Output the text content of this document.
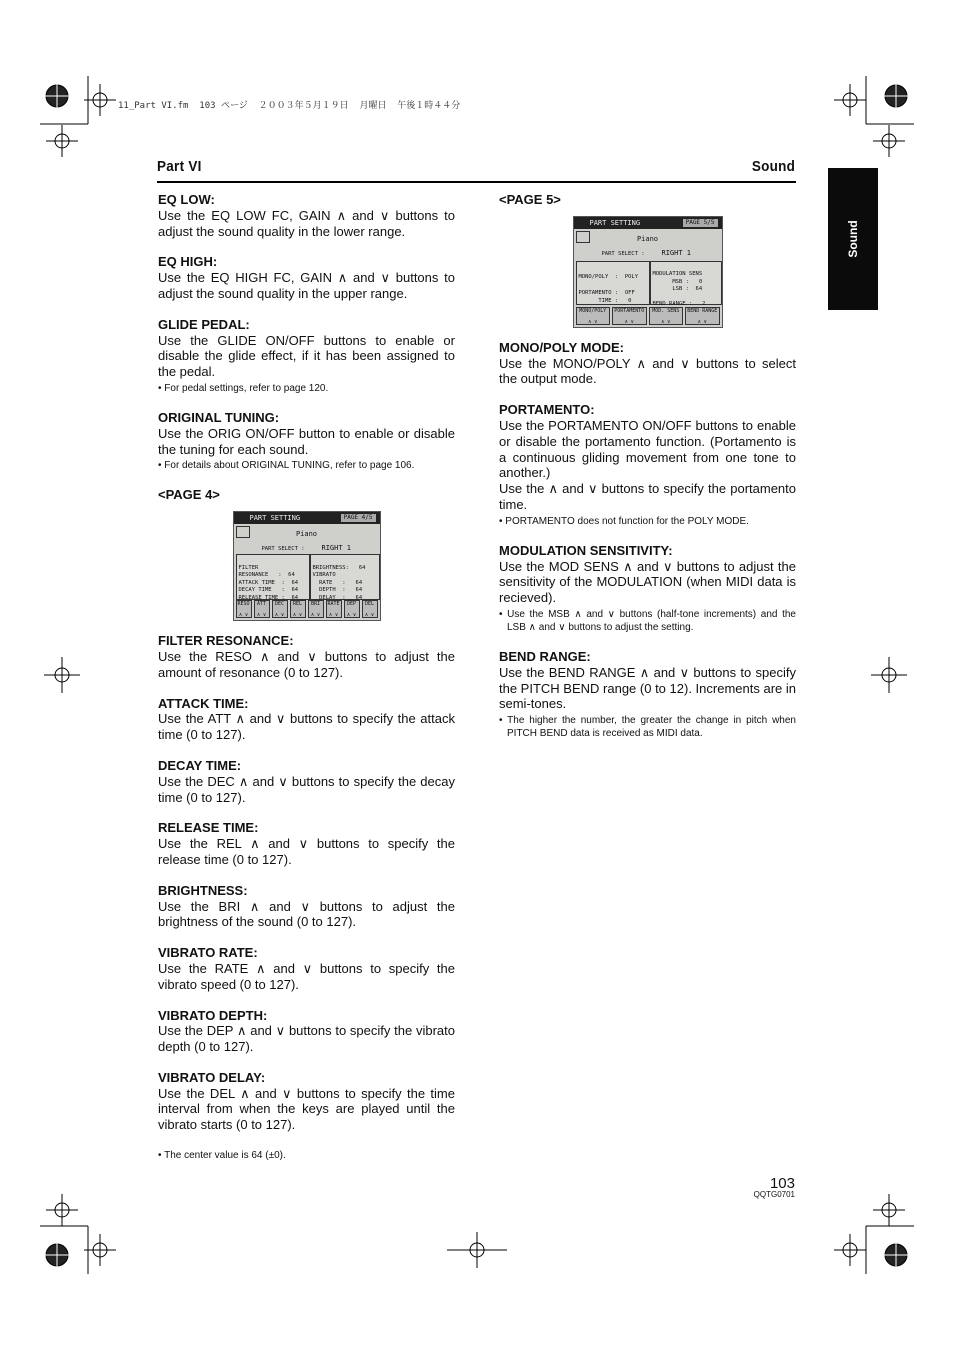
11_Part VI.fm  103 ページ  ２００３年５月１９日  月曜日  午後１時４４分
Part VI	Sound
Sound

EQ LOW:

Use the EQ LOW FC, GAIN ∧ and ∨ buttons to adjust the sound quality in the lower range.

EQ HIGH:

Use the EQ HIGH FC, GAIN ∧ and ∨ buttons to adjust the sound quality in the upper range.

GLIDE PEDAL:

Use the GLIDE ON/OFF buttons to enable or disable the glide effect, if it has been assigned to the pedal.

• For pedal settings, refer to page 120.

ORIGINAL TUNING:

Use the ORIG ON/OFF button to enable or disable the tuning for each sound.

• For details about ORIGINAL TUNING, refer to page 106.

<PAGE 4>

PART SETTING	PAGE 4/5
Piano
PART SELECT : RIGHT 1

FILTER
RESONANCE   :  64
ATTACK TIME  :  64
DECAY TIME   :  64
RELEASE TIME :  64

BRIGHTNESS:   64
VIBRATO
RATE   :   64
DEPTH  :   64
DELAY  :   64
RESO
∧ ∨
ATT
∧ ∨
DEC
∧ ∨
REL
∧ ∨
BRI
∧ ∨
RATE
∧ ∨
DEP
∧ ∨
DEL
∧ ∨

FILTER RESONANCE:

Use the RESO ∧ and ∨ buttons to adjust the amount of resonance (0 to 127).

ATTACK TIME:

Use the ATT ∧ and ∨ buttons to specify the attack time (0 to 127).

DECAY TIME:

Use the DEC ∧ and ∨ buttons to specify the decay time (0 to 127).

RELEASE TIME:

Use the REL ∧ and ∨ buttons to specify the release time (0 to 127).

BRIGHTNESS:

Use the BRI ∧ and ∨ buttons to adjust the brightness of the sound (0 to 127).

VIBRATO RATE:

Use the RATE ∧ and ∨ buttons to specify the vibrato speed (0 to 127).

VIBRATO DEPTH:

Use the DEP ∧ and ∨ buttons to specify the vibrato depth (0 to 127).

VIBRATO DELAY:

Use the DEL ∧ and ∨ buttons to specify the time interval from when the keys are played until the vibrato starts (0 to 127).

• The center value is 64 (±0).

<PAGE 5>

PART SETTING	PAGE 5/5
Piano
PART SELECT : RIGHT 1

MONO/POLY  :  POLY

PORTAMENTO :  OFF
TIME :   0

MODULATION SENS
MSB :   0
LSB :  64

BEND RANGE :   2
MONO/POLY
∧ ∨
PORTAMENTO
∧ ∨
MOD. SENS
∧ ∨
BEND RANGE
∧ ∨

MONO/POLY MODE:

Use the MONO/POLY ∧ and ∨ buttons to select the output mode.

PORTAMENTO:

Use the PORTAMENTO ON/OFF buttons to enable or disable the portamento function. (Portamento is a continuous gliding movement from one tone to another.)

Use the ∧ and ∨ buttons to specify the portamento time.

• PORTAMENTO does not function for the POLY MODE.

MODULATION SENSITIVITY:

Use the MOD SENS ∧ and ∨ buttons to adjust the sensitivity of the MODULATION (when MIDI data is recieved).

• Use the MSB ∧ and ∨ buttons (half-tone increments) and the LSB ∧ and ∨ buttons to adjust the setting.

BEND RANGE:

Use the BEND RANGE ∧ and ∨ buttons to specify the PITCH BEND range (0 to 12). Increments are in semi-tones.

• The higher the number, the greater the change in pitch when PITCH BEND data is received as MIDI data.

103
QQTG0701
